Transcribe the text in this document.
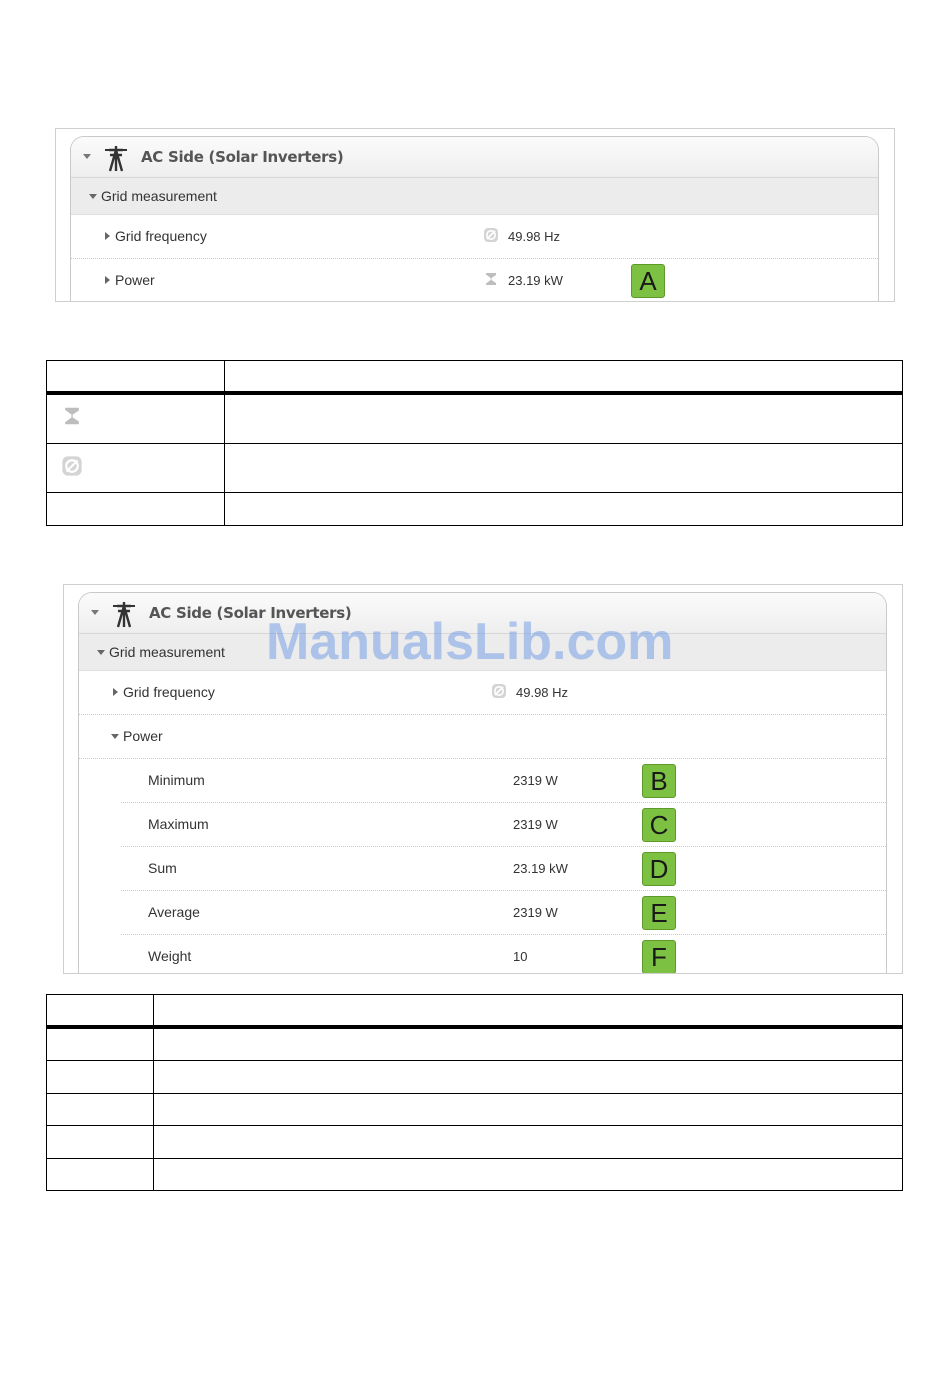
AC Side (Solar Inverters)
Grid measurement
Grid frequency	49.98 Hz
Power	23.19 kW	A
AC Side (Solar Inverters)
Grid measurement
Grid frequency	49.98 Hz
Power
Minimum	2319 W	B
Maximum	2319 W	C
Sum	23.19 kW	D
Average	2319 W	E
Weight	10	F
ManualsLib.com
